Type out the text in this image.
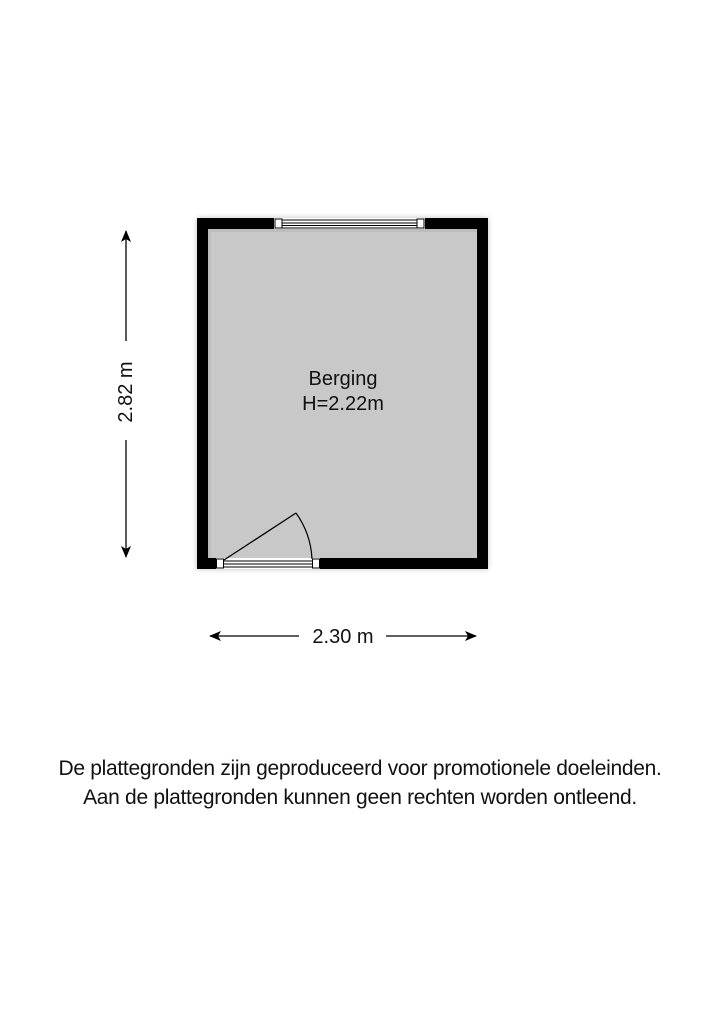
Berging
H=2.22m
2.82 m
2.30 m
De plattegronden zijn geproduceerd voor promotionele doeleinden.
Aan de plattegronden kunnen geen rechten worden ontleend.
